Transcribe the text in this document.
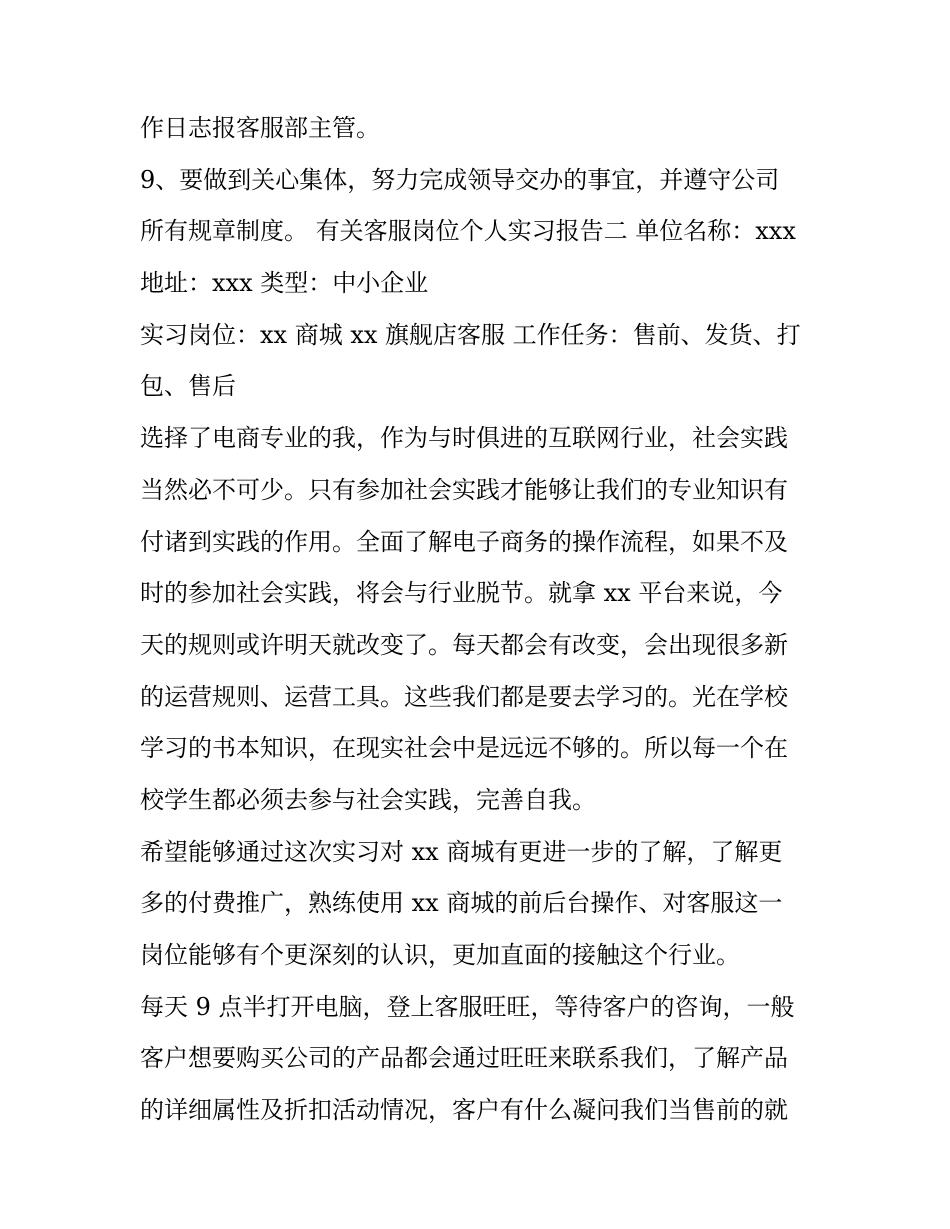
作日志报客服部主管。
9、要做到关心集体，努力完成领导交办的事宜，并遵守公司
所有规章制度。 有关客服岗位个人实习报告二 单位名称：xxx
地址：xxx 类型：中小企业
实习岗位：xx 商城 xx 旗舰店客服 工作任务：售前、发货、打
包、售后
选择了电商专业的我，作为与时俱进的互联网行业，社会实践
当然必不可少。只有参加社会实践才能够让我们的专业知识有
付诸到实践的作用。全面了解电子商务的操作流程，如果不及
时的参加社会实践，将会与行业脱节。就拿 xx 平台来说，今
天的规则或许明天就改变了。每天都会有改变，会出现很多新
的运营规则、运营工具。这些我们都是要去学习的。光在学校
学习的书本知识，在现实社会中是远远不够的。所以每一个在
校学生都必须去参与社会实践，完善自我。
希望能够通过这次实习对 xx 商城有更进一步的了解，了解更
多的付费推广，熟练使用 xx 商城的前后台操作、对客服这一
岗位能够有个更深刻的认识，更加直面的接触这个行业。
每天 9 点半打开电脑，登上客服旺旺，等待客户的咨询，一般
客户想要购买公司的产品都会通过旺旺来联系我们，了解产品
的详细属性及折扣活动情况，客户有什么凝问我们当售前的就
